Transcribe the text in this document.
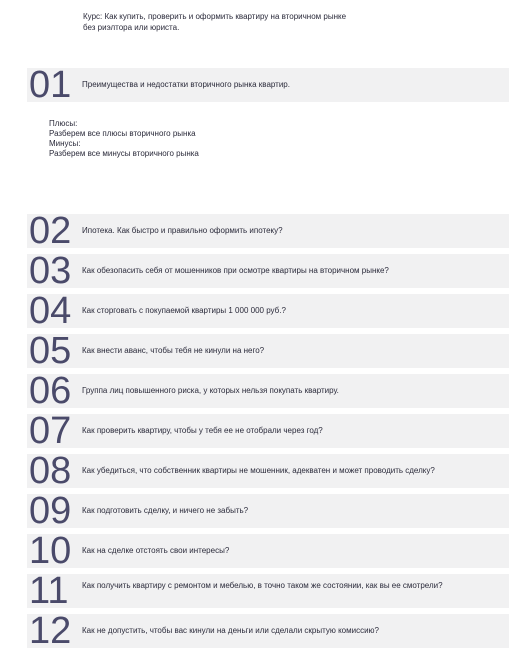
Курс: Как купить, проверить и оформить квартиру на вторичном рынке без риэлтора или юриста.
01 Преимущества и недостатки вторичного рынка квартир.
Плюсы:
Разберем все плюсы вторичного рынка
Минусы:
Разберем все минусы вторичного рынка
02 Ипотека. Как быстро и правильно оформить ипотеку?
03 Как обезопасить себя от мошенников при осмотре квартиры на вторичном рынке?
04 Как сторговать с покупаемой квартиры 1 000 000 руб.?
05 Как внести аванс, чтобы тебя не кинули на него?
06 Группа лиц повышенного риска, у которых нельзя покупать квартиру.
07 Как проверить квартиру, чтобы у тебя ее не отобрали через год?
08 Как убедиться, что собственник квартиры не мошенник, адекватен и может проводить сделку?
09 Как подготовить сделку, и ничего не забыть?
10 Как на сделке отстоять свои интересы?
11 Как получить квартиру с ремонтом и мебелью, в точно таком же состоянии, как вы ее смотрели?
12 Как не допустить, чтобы вас кинули на деньги или сделали скрытую комиссию?
